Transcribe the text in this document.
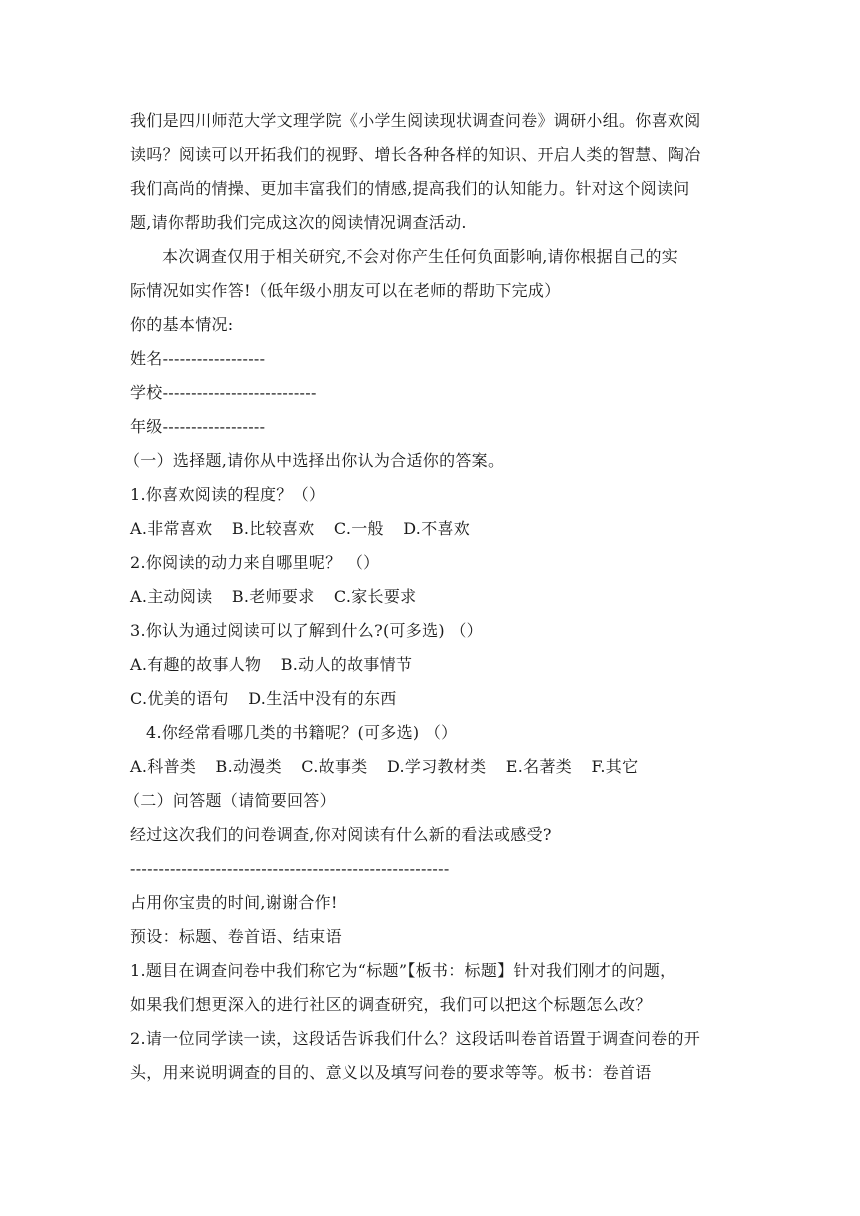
我们是四川师范大学文理学院《小学生阅读现状调查问卷》调研小组。你喜欢阅
读吗？阅读可以开拓我们的视野、增长各种各样的知识、开启人类的智慧、陶冶
我们高尚的情操、更加丰富我们的情感,提高我们的认知能力。针对这个阅读问
题,请你帮助我们完成这次的阅读情况调查活动.
本次调查仅用于相关研究,不会对你产生任何负面影响,请你根据自己的实
际情况如实作答!（低年级小朋友可以在老师的帮助下完成）
你的基本情况:
姓名------------------
学校---------------------------
年级------------------
（一）选择题,请你从中选择出你认为合适你的答案。
1.你喜欢阅读的程度？（）
A.非常喜欢 B.比较喜欢 C.一般 D.不喜欢
2.你阅读的动力来自哪里呢？ （）
A.主动阅读 B.老师要求 C.家长要求
3.你认为通过阅读可以了解到什么?(可多选) （）
A.有趣的故事人物 B.动人的故事情节
C.优美的语句 D.生活中没有的东西
4.你经常看哪几类的书籍呢？(可多选) （）
A.科普类 B.动漫类 C.故事类 D.学习教材类 E.名著类 F.其它
（二）问答题（请简要回答）
经过这次我们的问卷调查,你对阅读有什么新的看法或感受?
--------------------------------------------------------
占用你宝贵的时间,谢谢合作!
预设：标题、卷首语、结束语
1.题目在调查问卷中我们称它为“标题”【板书：标题】针对我们刚才的问题，
如果我们想更深入的进行社区的调查研究，我们可以把这个标题怎么改？
2.请一位同学读一读，这段话告诉我们什么？这段话叫卷首语置于调查问卷的开
头，用来说明调查的目的、意义以及填写问卷的要求等等。板书：卷首语
